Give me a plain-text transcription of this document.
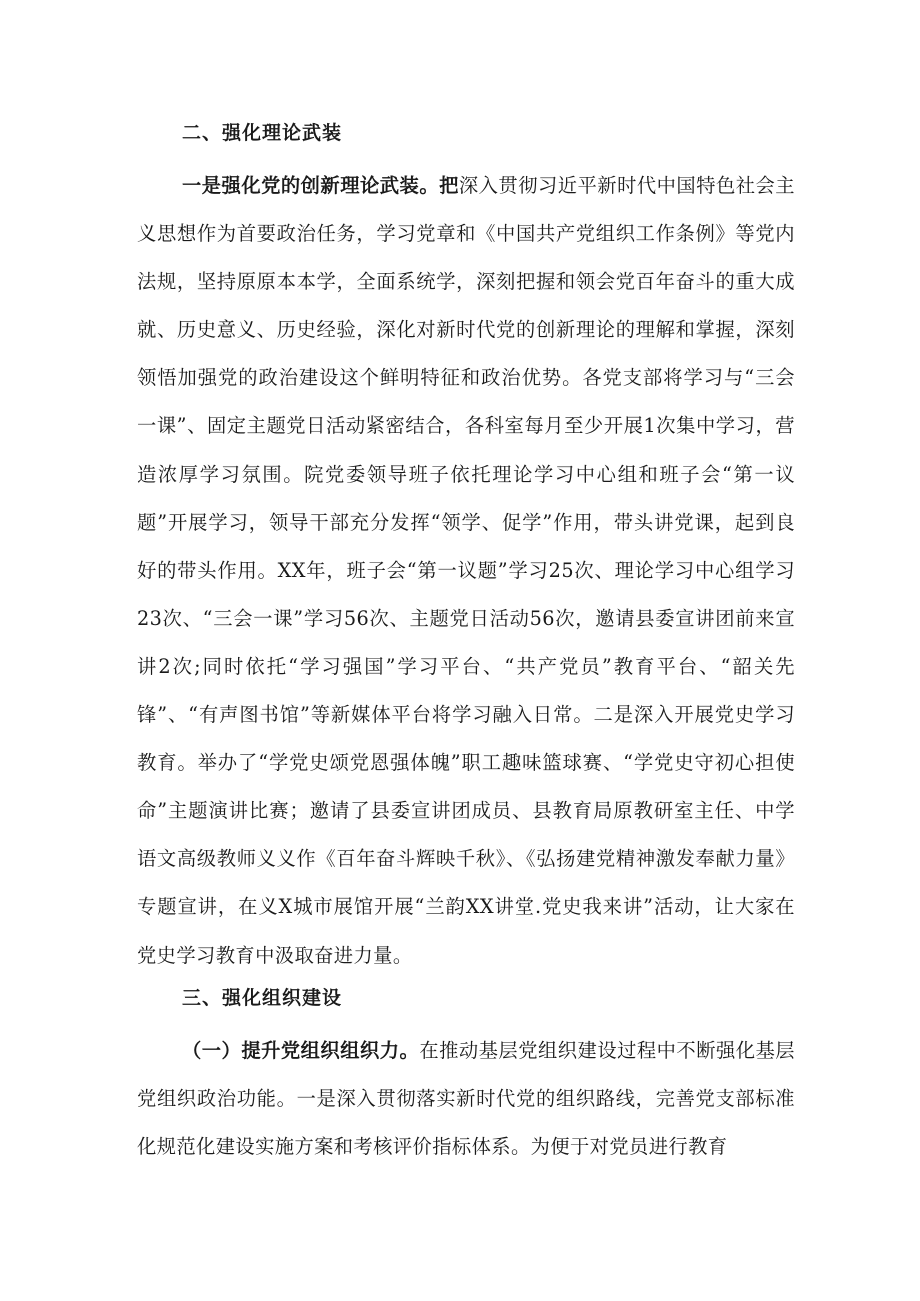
二、强化理论武装
一是强化党的创新理论武装。把深入贯彻习近平新时代中国特色社会主义思想作为首要政治任务，学习党章和《中国共产党组织工作条例》等党内法规，坚持原原本本学，全面系统学，深刻把握和领会党百年奋斗的重大成就、历史意义、历史经验，深化对新时代党的创新理论的理解和掌握，深刻领悟加强党的政治建设这个鲜明特征和政治优势。各党支部将学习与“三会一课”、固定主题党日活动紧密结合，各科室每月至少开展1次集中学习，营造浓厚学习氛围。院党委领导班子依托理论学习中心组和班子会“第一议题”开展学习，领导干部充分发挥“领学、促学”作用，带头讲党课，起到良好的带头作用。XX年，班子会“第一议题”学习25次、理论学习中心组学习23次、“三会一课”学习56次、主题党日活动56次，邀请县委宣讲团前来宣讲2次;同时依托“学习强国”学习平台、“共产党员”教育平台、“韶关先锋”、“有声图书馆”等新媒体平台将学习融入日常。二是深入开展党史学习教育。举办了“学党史颂党恩强体魄”职工趣味篮球赛、“学党史守初心担使命”主题演讲比赛；邀请了县委宣讲团成员、县教育局原教研室主任、中学语文高级教师义义作《百年奋斗辉映千秋》、《弘扬建党精神激发奉献力量》专题宣讲，在义X城市展馆开展“兰韵XX讲堂.党史我来讲”活动，让大家在党史学习教育中汲取奋进力量。
三、强化组织建设
（一）提升党组织组织力。在推动基层党组织建设过程中不断强化基层党组织政治功能。一是深入贯彻落实新时代党的组织路线，完善党支部标准化规范化建设实施方案和考核评价指标体系。为便于对党员进行教育
